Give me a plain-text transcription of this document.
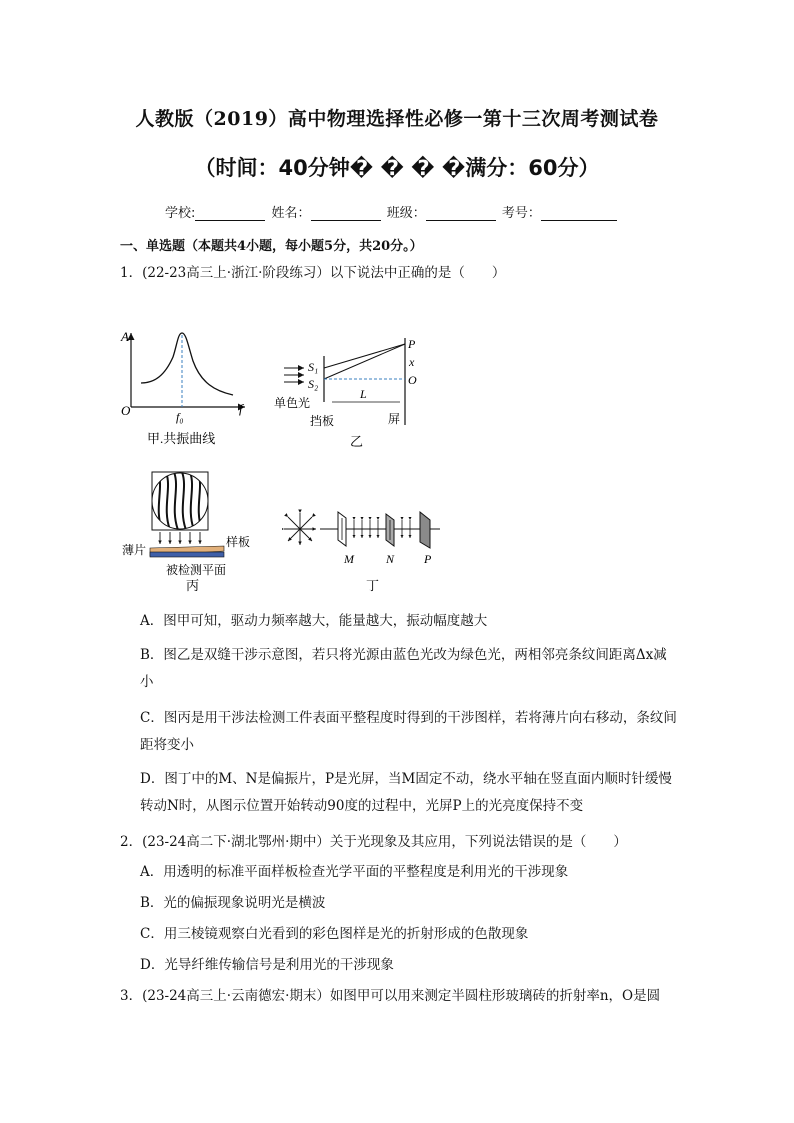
人教版（2019）高中物理选择性必修一第十三次周考测试卷
（时间：40分钟� � � �满分：60分）
学校:	姓名：	班级：	考号：
一、单选题（本题共4小题，每小题5分，共20分。）
1．(22-23高三上·浙江·阶段练习）以下说法中正确的是（　　）
A
f
O	f₀
甲.共振曲线
S₁
S₂
P
x
O
L
单色光
挡板	屏
乙
样板
薄片
被检测平面
丙
M	N P
丁
A．图甲可知，驱动力频率越大，能量越大，振动幅度越大
B．图乙是双缝干涉示意图，若只将光源由蓝色光改为绿色光，两相邻亮条纹间距离Δx减小
C．图丙是用干涉法检测工件表面平整程度时得到的干涉图样，若将薄片向右移动，条纹间距将变小
D．图丁中的M、N是偏振片，P是光屏，当M固定不动，绕水平轴在竖直面内顺时针缓慢转动N时，从图示位置开始转动90度的过程中，光屏P上的光亮度保持不变
2．(23-24高二下·湖北鄂州·期中）关于光现象及其应用，下列说法错误的是（　　）
A．用透明的标准平面样板检查光学平面的平整程度是利用光的干涉现象
B．光的偏振现象说明光是横波
C．用三棱镜观察白光看到的彩色图样是光的折射形成的色散现象
D．光导纤维传输信号是利用光的干涉现象
3．(23-24高三上·云南德宏·期末）如图甲可以用来测定半圆柱形玻璃砖的折射率n，O是圆
